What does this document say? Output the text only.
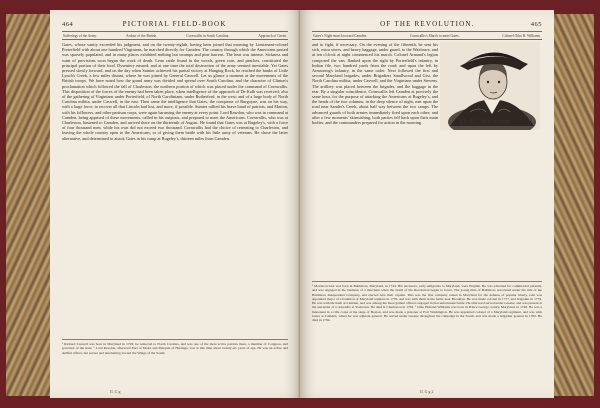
464	PICTORIAL FIELD-BOOK
Sufferings of the Army.	Ardour of the British.	Cornwallis in South Carolina.	Approach of Green.
Gates, whose vanity exceeded his judgment, and on the twenty-eighth, having been joined that morning by Lieutenant-colonel Porterfield with about one hundred Virginians, he marched directly for Camden. The country through which the Americans passed was sparsely populated, and in many places exhibited nothing but swamps and pine barrens. The heat was intense. Sickness and want of provisions soon began the work of death. Lean cattle found in the woods, green corn, and peaches, constituted the principal portion of their food. Dysentery ensued, and at one time the total destruction of the army seemed inevitable. Yet Gates pressed slowly forward, and on the day when Sumter achieved his partial victory at Hanging Rock, he reached the banks of Little Lynch's Creek, a few miles distant, where he was joined by General Caswell. Let us glance a moment at the movements of the British troops. We have noted how the grand army was divided and spread over South Carolina, and the character of Clinton's proclamation which followed the fall of Charleston, the northern portion of which was placed under the command of Cornwallis. This disposition of the forces of the enemy had been taken place, when intelligence of the approach of De Kalb was received; also of the gathering of Virginians under Porterfield, of North Carolinians, under Rutherford, in the west; and of a large body of North Carolina militia, under Caswell, in the east. Then came the intelligence that Gates, the conqueror of Burgoyne, was on his way, with a large force, to recover all that Lincoln had lost, and more, if possible. Sumter rallied his brave band of patriots, and Marion, with his followers, and other partisan corps, were again harassing the enemy at every point. Lord Rawdon, who was in command at Camden, being apprised of these movements, called in his outposts, and prepared to meet the Americans. Cornwallis, who was at Charleston, hastened to Camden, and arrived there on the thirteenth of August. He found that Gates was at Rugeley's, with a force of four thousand men, while his own did not exceed two thousand. Cornwallis had the choice of retreating to Charleston, and leaving the whole country open to the Americans, or of giving them battle with his little army of veterans. He chose the latter alternative, and determined to attack Gates in his camp at Rugeley's, thirteen miles from Camden.
¹ Richard Caswell was born in Maryland in 1729; he removed to North Carolina, and was one of the most active patriots there, a member of Congress, and governor of the state. ² Lord Rawdon, afterward Earl of Moira and Marquis of Hastings, was at this time about twenty-six years of age. He was an active and skillful officer, but severe and unrelenting toward the Whigs of the South.
II. G g
OF THE REVOLUTION.	465
Gates's Night-march toward Camden.	Cornwallis's March to meet Gates.	Colonel Otho H. Williams.
O. H. Williams

and to fight, if necessary. On the evening of the fifteenth, he sent his sick, extra stores, and heavy baggage, under guard, to the Waxhaws; and at ten o'clock at night commenced his march. Colonel Armand's legion composed the van, flanked upon the right by Porterfield's infantry, in Indian file, two hundred yards from the road; and upon the left by Armstrong's infantry, in the same order. Next followed the first and second Maryland brigades, under Brigadiers Smallwood and Gist, the North Carolina militia, under Caswell, and the Virginians under Stevens. The artillery was placed between the brigades, and the baggage in the rear. By a singular coincidence, Cornwallis left Camden at precisely the same hour, for the purpose of attacking the Americans at Rugeley's, and the heads of the two columns, in the deep silence of night, met upon the road near Sander's Creek, about half way between the two camps. The advanced guards of both armies immediately fired upon each other; and after a few moments' skirmishing, both parties fell back upon their main bodies, and the commanders prepared for action in the morning.

¹ Mordecai Gist was born in Baltimore, Maryland, in 1743. His ancestors, early emigrants to Maryland, were English. He was educated for commercial pursuits, and was engaged in the business of a merchant when the storm of the Revolution began to lower. The young men of Baltimore associated under the title of the Baltimore Independent Company, and elected Gist their captain. This was the first company raised in Maryland for the defense of popular liberty. Gist was appointed major of a battalion of Maryland regulars in 1776, and was with them in the battle near Brooklyn. He was made colonel in 1777, and brigadier in 1779. He was with De Kalb at Camden, and was among the most gallant officers engaged in that unfortunate battle. He afterward served under Greene, and was present at the surrender of Cornwallis at Yorktown. He died at Charleston in 1792. ² Otho Holland Williams was born in Prince George county, Maryland, in 1748. He was a lieutenant in a rifle corps at the siege of Boston, and was made a prisoner at Fort Washington. He was appointed colonel of a Maryland regiment, and was with Gates at Camden, where he was adjutant general. He served under Greene throughout his campaign in the South, and was made a brigadier general in 1782. He died in 1794.
II. G g 2
